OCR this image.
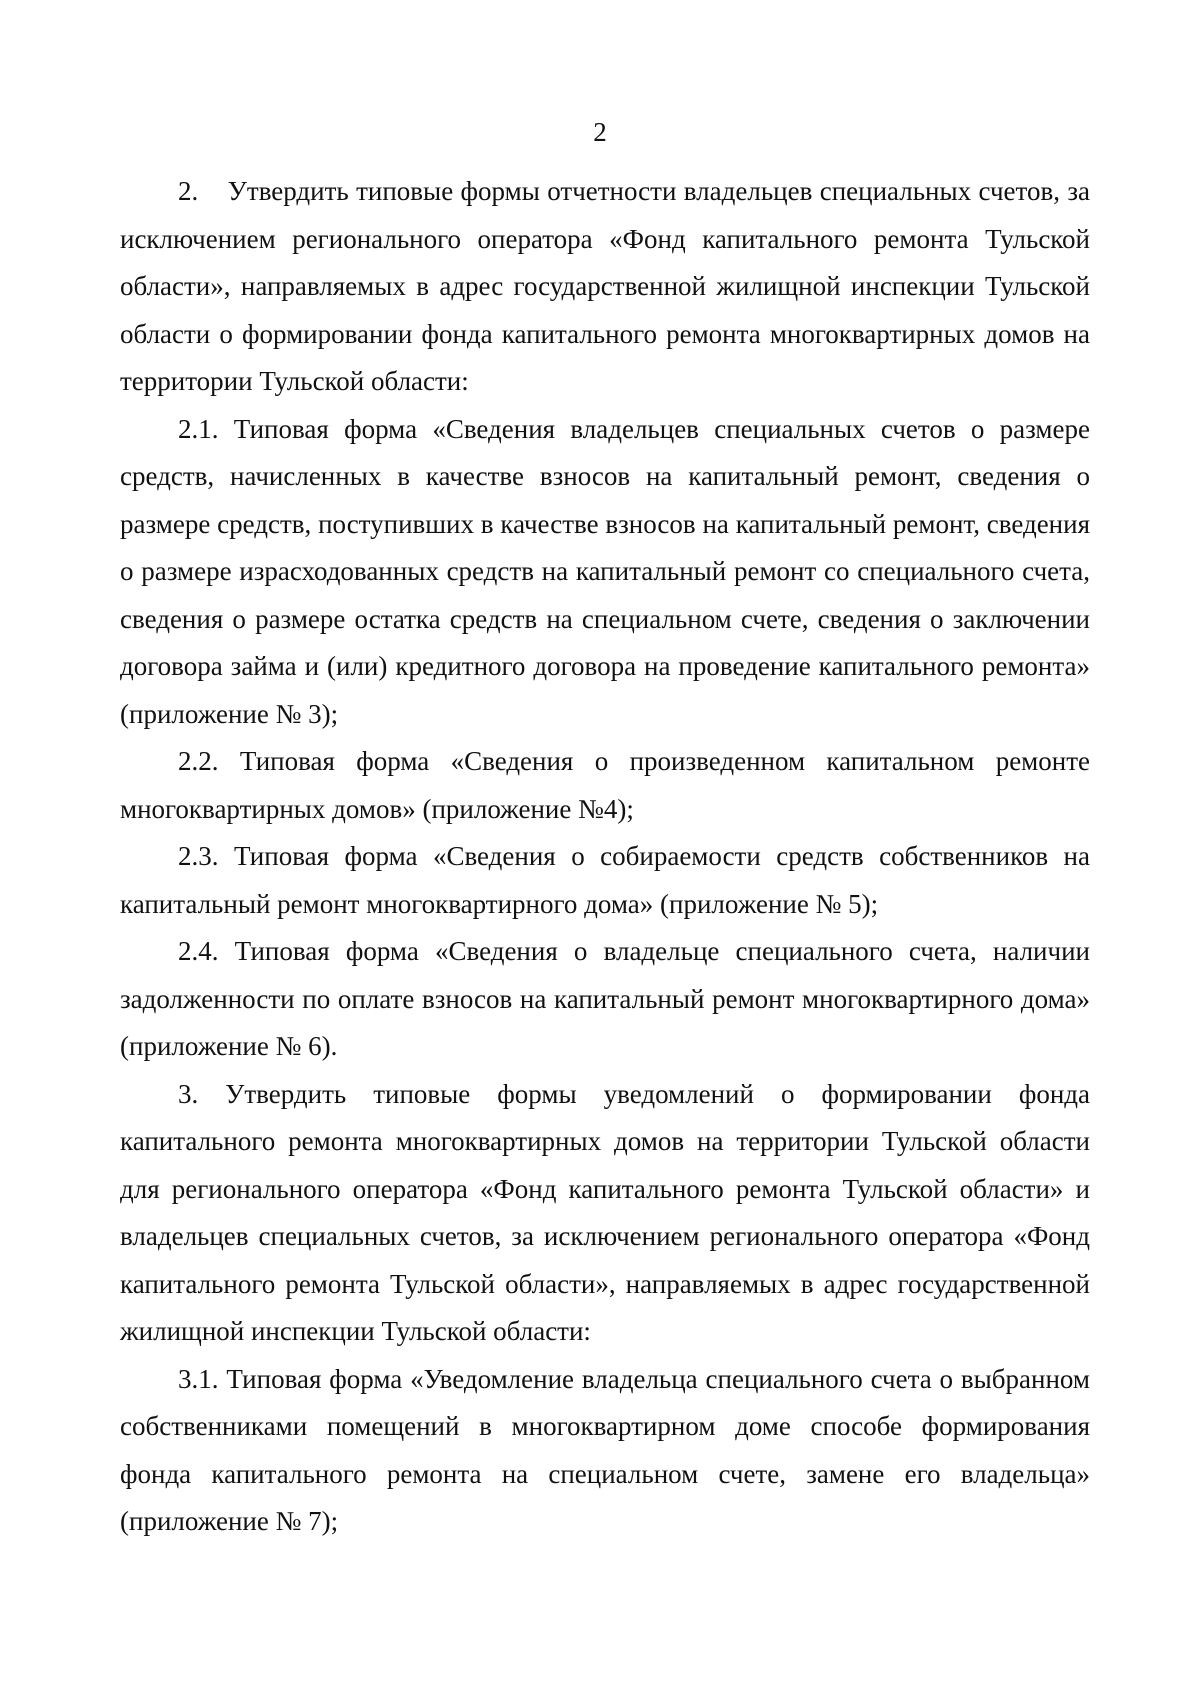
2

2.    Утвердить типовые формы отчетности владельцев специальных счетов, за исключением регионального оператора «Фонд капитального ремонта Тульской области», направляемых в адрес государственной жилищной инспекции Тульской области о формировании фонда капитального ремонта многоквартирных домов на территории Тульской области:

2.1. Типовая форма «Сведения владельцев специальных счетов о размере средств, начисленных в качестве взносов на капитальный ремонт, сведения о размере средств, поступивших в качестве взносов на капитальный ремонт, сведения о размере израсходованных средств на капитальный ремонт со специального счета, сведения о размере остатка средств на специальном счете, сведения о заключении договора займа и (или) кредитного договора на проведение капитального ремонта» (приложение № 3);

2.2. Типовая форма «Сведения о произведенном капитальном ремонте многоквартирных домов» (приложение №4);

2.3. Типовая форма «Сведения о собираемости средств собственников на капитальный ремонт многоквартирного дома» (приложение № 5);

2.4. Типовая форма «Сведения о владельце специального счета, наличии задолженности по оплате взносов на капитальный ремонт многоквартирного дома» (приложение № 6).

3. Утвердить типовые формы уведомлений о формировании фонда капитального ремонта многоквартирных домов на территории Тульской области для регионального оператора «Фонд капитального ремонта Тульской области» и владельцев специальных счетов, за исключением регионального оператора «Фонд капитального ремонта Тульской области», направляемых в адрес государственной жилищной инспекции Тульской области:

3.1. Типовая форма «Уведомление владельца специального счета о выбранном собственниками помещений в многоквартирном доме способе формирования фонда капитального ремонта на специальном счете, замене его владельца» (приложение № 7);
